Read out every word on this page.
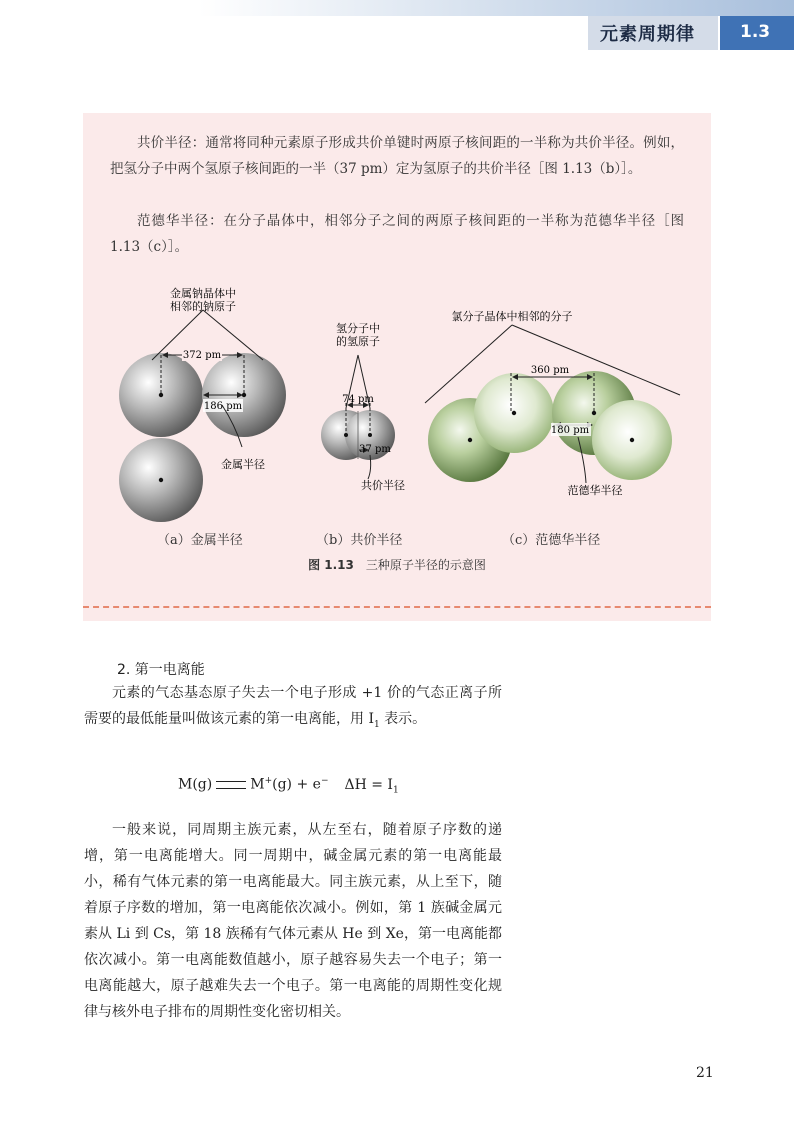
元素周期律	1.3

共价半径：通常将同种元素原子形成共价单键时两原子核间距的一半称为共价半径。例如，把氢分子中两个氢原子核间距的一半（37 pm）定为氢原子的共价半径［图 1.13（b）］。

范德华半径：在分子晶体中，相邻分子之间的两原子核间距的一半称为范德华半径［图 1.13（c）］。

金属钠晶体中
相邻的钠原子
372 pm
186 pm
金属半径
氢分子中
的氢原子
74 pm
37 pm
共价半径
氯分子晶体中相邻的分子
360 pm
180 pm
范德华半径
（a）金属半径	（b）共价半径	（c）范德华半径
图 1.13 三种原子半径的示意图
2. 第一电离能

元素的气态基态原子失去一个电子形成 +1 价的气态正离子所需要的最低能量叫做该元素的第一电离能，用 $I_1$ 表示。

M(g)	M+(g) + e− $\Delta H = I_1$

一般来说，同周期主族元素，从左至右，随着原子序数的递增，第一电离能增大。同一周期中，碱金属元素的第一电离能最小，稀有气体元素的第一电离能最大。同主族元素，从上至下，随着原子序数的增加，第一电离能依次减小。例如，第 1 族碱金属元素从 Li 到 Cs，第 18 族稀有气体元素从 He 到 Xe，第一电离能都依次减小。第一电离能数值越小，原子越容易失去一个电子；第一电离能越大，原子越难失去一个电子。第一电离能的周期性变化规律与核外电子排布的周期性变化密切相关。

21
